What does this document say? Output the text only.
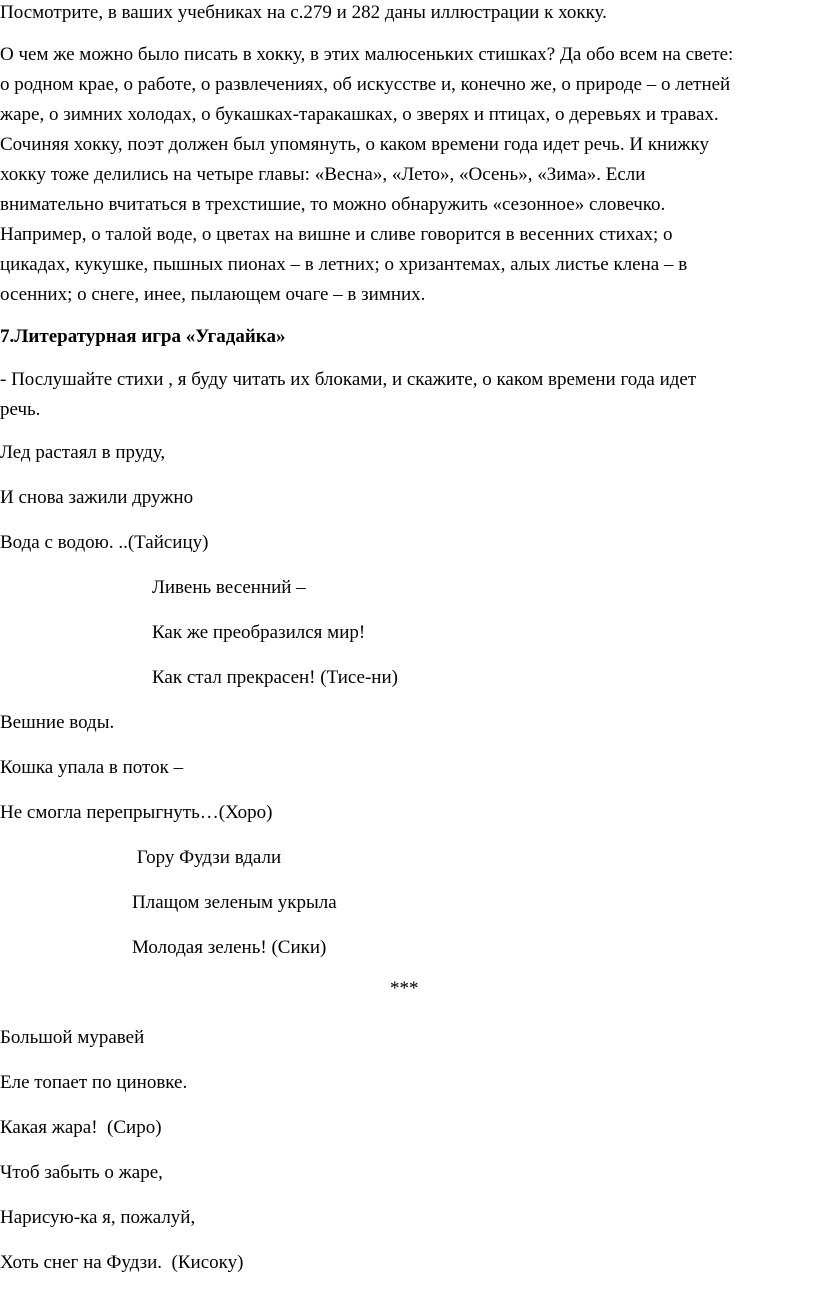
Посмотрите, в ваших учебниках на с.279 и 282 даны иллюстрации к хокку.

О чем же можно было писать в хокку, в этих малюсеньких стишках? Да обо всем на свете:

о родном крае, о работе, о развлечениях, об искусстве и, конечно же, о природе – о летней

жаре, о зимних холодах, о букашках-таракашках, о зверях и птицах, о деревьях и травах.

Сочиняя хокку, поэт должен был упомянуть, о каком времени года идет речь. И книжку

хокку тоже делились на четыре главы: «Весна», «Лето», «Осень», «Зима». Если

внимательно вчитаться в трехстишие, то можно обнаружить «сезонное» словечко.

Например, о талой воде, о цветах на вишне и сливе говорится в весенних стихах; о

цикадах, кукушке, пышных пионах – в летних; о хризантемах, алых листье клена – в

осенних; о снеге, инее, пылающем очаге – в зимних.

7.Литературная игра «Угадайка»

- Послушайте стихи , я буду читать их блоками, и скажите, о каком времени года идет

речь.

Лед растаял в пруду,

И снова зажили дружно

Вода с водою. ..(Тайсицу)

Ливень весенний –

Как же преобразился мир!

Как стал прекрасен! (Тисе-ни)

Вешние воды.

Кошка упала в поток –

Не смогла перепрыгнуть…(Хоро)

Гору Фудзи вдали

Плащом зеленым укрыла

Молодая зелень! (Сики)

***

Большой муравей

Еле топает по циновке.

Какая жара!  (Сиро)

Чтоб забыть о жаре,

Нарисую-ка я, пожалуй,

Хоть снег на Фудзи.  (Кисоку)
